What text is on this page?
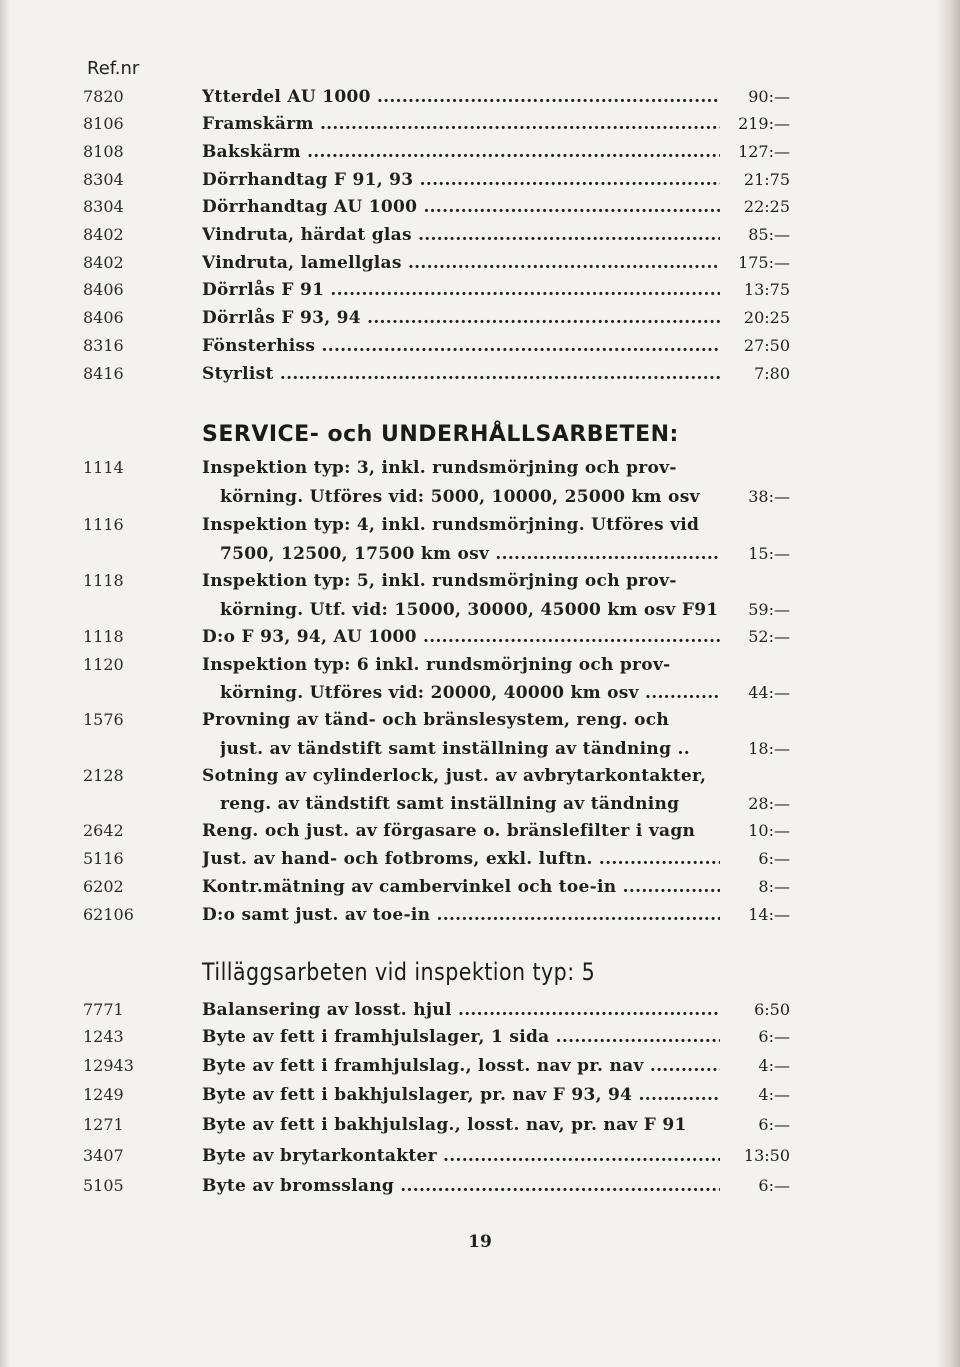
Ref.nr
7820	Ytterdel AU 1000 .....	90:—
8106	Framskärm .....	219:—
8108	Bakskärm .....	127:—
8304	Dörrhandtag F 91, 93 .....	21:75
8304	Dörrhandtag AU 1000 .....	22:25
8402	Vindruta, härdat glas .....	85:—
8402	Vindruta, lamellglas .....	175:—
8406	Dörrlås F 91 .....	13:75
8406	Dörrlås F 93, 94 .....	20:25
8316	Fönsterhiss .....	27:50
8416	Styrlist .....	7:80
SERVICE- och UNDERHÅLLSARBETEN:
1114	Inspektion typ: 3, inkl. rundsmörjning och prov-
körning. Utföres vid: 5000, 10000, 25000 km osv	38:—
1116	Inspektion typ: 4, inkl. rundsmörjning. Utföres vid
7500, 12500, 17500 km osv .....	15:—
1118	Inspektion typ: 5, inkl. rundsmörjning och prov-
körning. Utf. vid: 15000, 30000, 45000 km osv F91	59:—
1118	D:o F 93, 94, AU 1000 .....	52:—
1120	Inspektion typ: 6 inkl. rundsmörjning och prov-
körning. Utföres vid: 20000, 40000 km osv .....	44:—
1576	Provning av tänd- och bränslesystem, reng. och
just. av tändstift samt inställning av tändning ..	18:—
2128	Sotning av cylinderlock, just. av avbrytarkontakter,
reng. av tändstift samt inställning av tändning	28:—
2642	Reng. och just. av förgasare o. bränslefilter i vagn	10:—
5116	Just. av hand- och fotbroms, exkl. luftn. .....	6:—
6202	Kontr.mätning av cambervinkel och toe-in .....	8:—
62106	D:o samt just. av toe-in .....	14:—
Tilläggsarbeten vid inspektion typ: 5
7771	Balansering av losst. hjul .....	6:50
1243	Byte av fett i framhjulslager, 1 sida .....	6:—
12943	Byte av fett i framhjulslag., losst. nav pr. nav .....	4:—
1249	Byte av fett i bakhjulslager, pr. nav F 93, 94 .....	4:—
1271	Byte av fett i bakhjulslag., losst. nav, pr. nav F 91	6:—
3407	Byte av brytarkontakter .....	13:50
5105	Byte av bromsslang .....	6:—
19
